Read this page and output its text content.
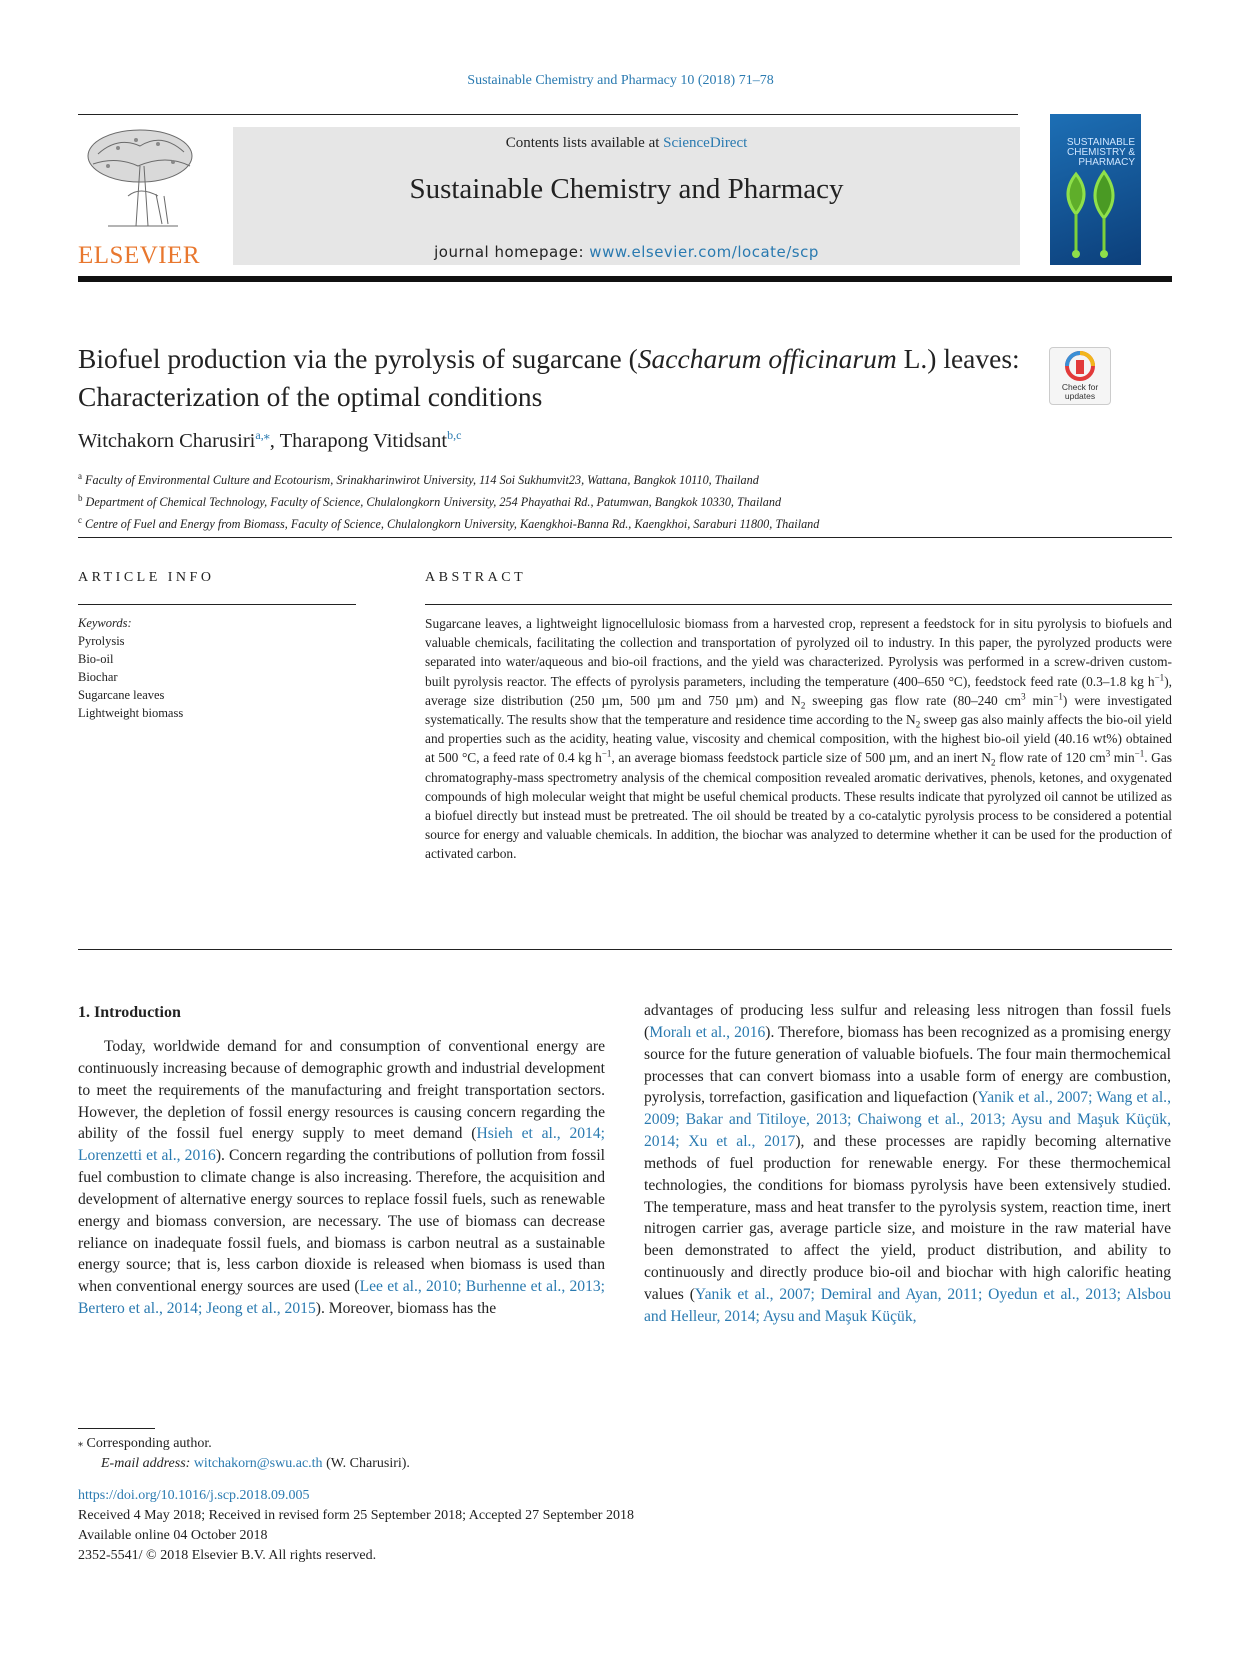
Sustainable Chemistry and Pharmacy 10 (2018) 71–78
ELSEVIER
Contents lists available at ScienceDirect
Sustainable Chemistry and Pharmacy
journal homepage: www.elsevier.com/locate/scp
SUSTAINABLE CHEMISTRY & PHARMACY
Biofuel production via the pyrolysis of sugarcane (Saccharum officinarum L.) leaves: Characterization of the optimal conditions	Check for updates
Witchakorn Charusiri$^{a,⁎}$, Tharapong Vitidsant$^{b,c}$
$^a$ Faculty of Environmental Culture and Ecotourism, Srinakharinwirot University, 114 Soi Sukhumvit23, Wattana, Bangkok 10110, Thailand
$^b$ Department of Chemical Technology, Faculty of Science, Chulalongkorn University, 254 Phayathai Rd., Patumwan, Bangkok 10330, Thailand
$^c$ Centre of Fuel and Energy from Biomass, Faculty of Science, Chulalongkorn University, Kaengkhoi-Banna Rd., Kaengkhoi, Saraburi 11800, Thailand
ARTICLE INFO	ABSTRACT
Keywords:
Pyrolysis
Bio-oil
Biochar
Sugarcane leaves
Lightweight biomass
Sugarcane leaves, a lightweight lignocellulosic biomass from a harvested crop, represent a feedstock for in situ pyrolysis to biofuels and valuable chemicals, facilitating the collection and transportation of pyrolyzed oil to industry. In this paper, the pyrolyzed products were separated into water/aqueous and bio-oil fractions, and the yield was characterized. Pyrolysis was performed in a screw-driven custom-built pyrolysis reactor. The effects of pyrolysis parameters, including the temperature (400–650 °C), feedstock feed rate (0.3–1.8 kg $h^{-1}$), average size distribution (250 µm, 500 µm and 750 µm) and $N_2$ sweeping gas flow rate (80–240 $cm^3$ $\min^{-1}$) were investigated systematically. The results show that the temperature and residence time according to the $N_2$ sweep gas also mainly affects the bio-oil yield and properties such as the acidity, heating value, viscosity and chemical composition, with the highest bio-oil yield (40.16 wt%) obtained at 500 °C, a feed rate of 0.4 kg $h^{-1}$, an average biomass feedstock particle size of 500 µm, and an inert $N_2$ flow rate of 120 $cm^3$ $\min^{-1}$. Gas chromatography-mass spectrometry analysis of the chemical composition revealed aromatic derivatives, phenols, ketones, and oxygenated compounds of high molecular weight that might be useful chemical products. These results indicate that pyrolyzed oil cannot be utilized as a biofuel directly but instead must be pretreated. The oil should be treated by a co-catalytic pyrolysis process to be considered a potential source for energy and valuable chemicals. In addition, the biochar was analyzed to determine whether it can be used for the production of activated carbon.
1. Introduction

Today, worldwide demand for and consumption of conventional energy are continuously increasing because of demographic growth and industrial development to meet the requirements of the manufacturing and freight transportation sectors. However, the depletion of fossil energy resources is causing concern regarding the ability of the fossil fuel energy supply to meet demand (Hsieh et al., 2014; Lorenzetti et al., 2016). Concern regarding the contributions of pollution from fossil fuel combustion to climate change is also increasing. Therefore, the acquisition and development of alternative energy sources to replace fossil fuels, such as renewable energy and biomass conversion, are necessary. The use of biomass can decrease reliance on inadequate fossil fuels, and biomass is carbon neutral as a sustainable energy source; that is, less carbon dioxide is released when biomass is used than when conventional energy sources are used (Lee et al., 2010; Burhenne et al., 2013; Bertero et al., 2014; Jeong et al., 2015). Moreover, biomass has the

advantages of producing less sulfur and releasing less nitrogen than fossil fuels (Moralı et al., 2016). Therefore, biomass has been recognized as a promising energy source for the future generation of valuable biofuels. The four main thermochemical processes that can convert biomass into a usable form of energy are combustion, pyrolysis, torrefaction, gasification and liquefaction (Yanik et al., 2007; Wang et al., 2009; Bakar and Titiloye, 2013; Chaiwong et al., 2013; Aysu and Maşuk Küçük, 2014; Xu et al., 2017), and these processes are rapidly becoming alternative methods of fuel production for renewable energy. For these thermochemical technologies, the conditions for biomass pyrolysis have been extensively studied. The temperature, mass and heat transfer to the pyrolysis system, reaction time, inert nitrogen carrier gas, average particle size, and moisture in the raw material have been demonstrated to affect the yield, product distribution, and ability to continuously and directly produce bio-oil and biochar with high calorific heating values (Yanik et al., 2007; Demiral and Ayan, 2011; Oyedun et al., 2013; Alsbou and Helleur, 2014; Aysu and Maşuk Küçük,

⁎ Corresponding author.
E-mail address: witchakorn@swu.ac.th (W. Charusiri).
https://doi.org/10.1016/j.scp.2018.09.005
Received 4 May 2018; Received in revised form 25 September 2018; Accepted 27 September 2018
Available online 04 October 2018
2352-5541/ © 2018 Elsevier B.V. All rights reserved.
